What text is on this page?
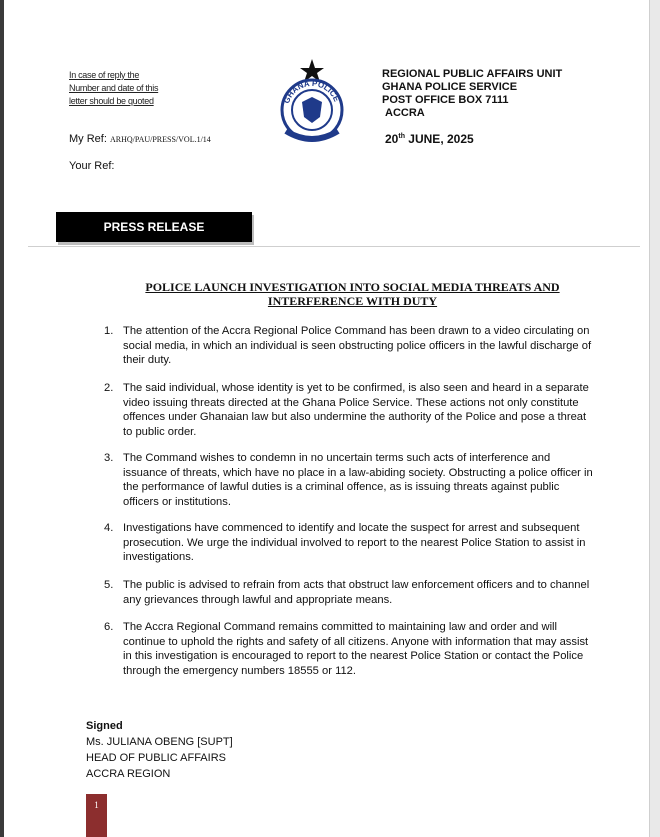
In case of reply the
Number and date of this
letter should be quoted	GHANA POLICE
REGIONAL PUBLIC AFFAIRS UNIT
GHANA POLICE SERVICE
POST OFFICE BOX 7111
ACCRA
My Ref: ARHQ/PAU/PRESS/VOL.1/14
Your Ref:
20th JUNE, 2025
PRESS RELEASE
POLICE LAUNCH INVESTIGATION INTO SOCIAL MEDIA THREATS AND
INTERFERENCE WITH DUTY
1. The attention of the Accra Regional Police Command has been drawn to a video circulating on social media, in which an individual is seen obstructing police officers in the lawful discharge of their duty.
2. The said individual, whose identity is yet to be confirmed, is also seen and heard in a separate video issuing threats directed at the Ghana Police Service. These actions not only constitute offences under Ghanaian law but also undermine the authority of the Police and pose a threat to public order.
3. The Command wishes to condemn in no uncertain terms such acts of interference and issuance of threats, which have no place in a law-abiding society. Obstructing a police officer in the performance of lawful duties is a criminal offence, as is issuing threats against public officers or institutions.
4. Investigations have commenced to identify and locate the suspect for arrest and subsequent prosecution. We urge the individual involved to report to the nearest Police Station to assist in investigations.
5. The public is advised to refrain from acts that obstruct law enforcement officers and to channel any grievances through lawful and appropriate means.
6. The Accra Regional Command remains committed to maintaining law and order and will continue to uphold the rights and safety of all citizens. Anyone with information that may assist in this investigation is encouraged to report to the nearest Police Station or contact the Police through the emergency numbers 18555 or 112.
Signed
Ms. JULIANA OBENG [SUPT]
HEAD OF PUBLIC AFFAIRS
ACCRA REGION
1
